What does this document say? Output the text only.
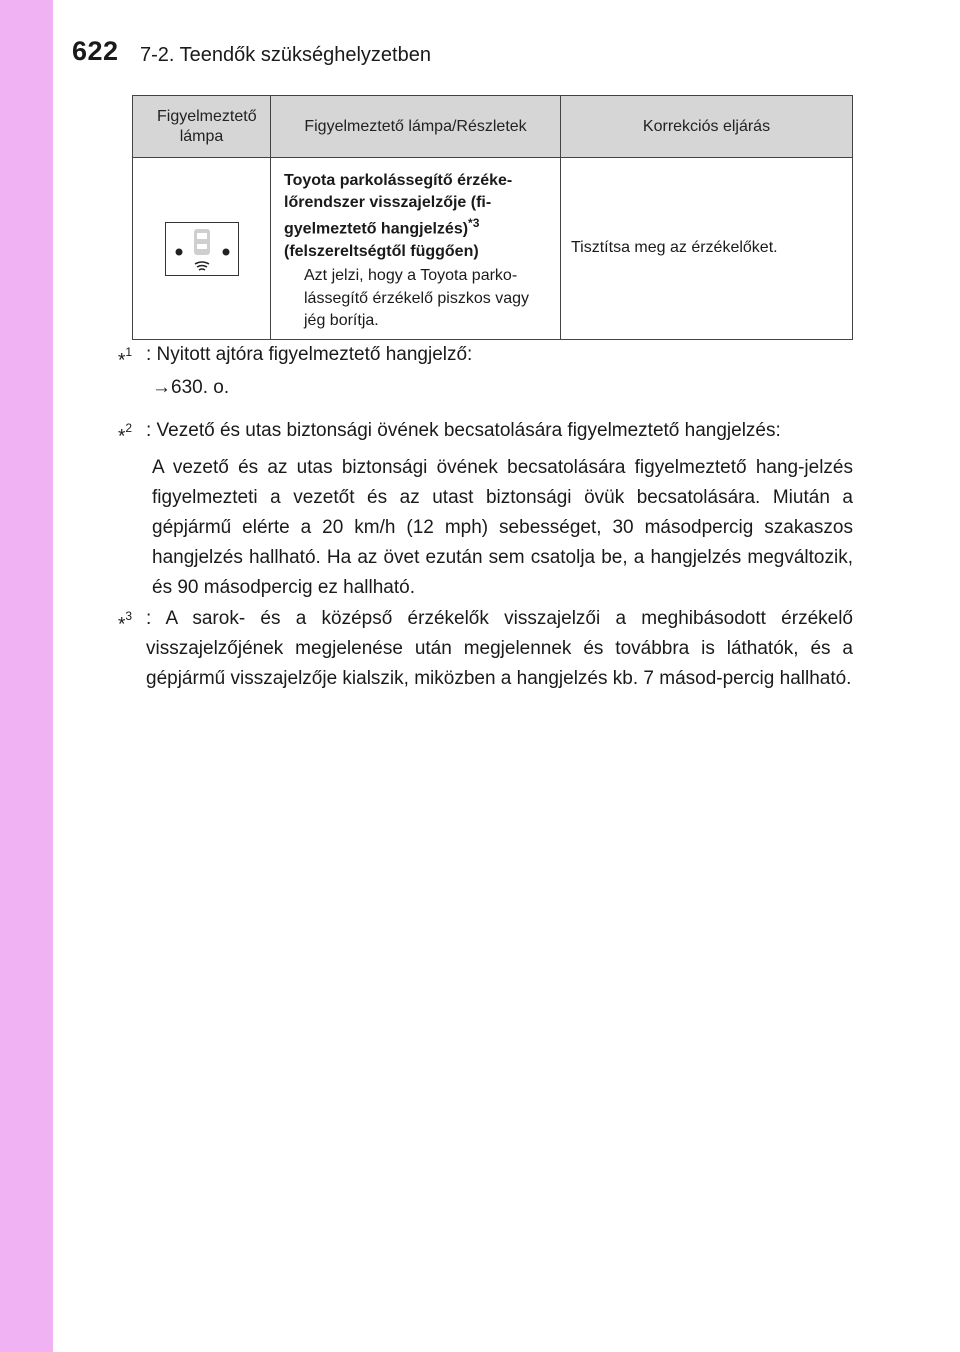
622 7-2. Teendők szükséghelyzetben
Figyelmeztető lámpa	Figyelmeztető lámpa/Részletek	Korrekciós eljárás

Toyota parkolássegítő érzéke-lőrendszer visszajelzője (fi-gyelmeztető hangjelzés)$^{*3}$
(felszereltségtől függően)

Azt jelzi, hogy a Toyota parko-lássegítő érzékelő piszkos vagy jég borítja.	Tisztítsa meg az érzékelőket.
*$^1$ : Nyitott ajtóra figyelmeztető hangjelző:
→630. o.
*$^2$ : Vezető és utas biztonsági övének becsatolására figyelmeztető hangjelzés:
A vezető és az utas biztonsági övének becsatolására figyelmeztető hang-jelzés figyelmezteti a vezetőt és az utast biztonsági övük becsatolására. Miután a gépjármű elérte a 20 km/h (12 mph) sebességet, 30 másodpercig szakaszos hangjelzés hallható. Ha az övet ezután sem csatolja be, a hangjelzés megváltozik, és 90 másodpercig ez hallható.
*$^3$ : A sarok- és a középső érzékelők visszajelzői a meghibásodott érzékelő visszajelzőjének megjelenése után megjelennek és továbbra is láthatók, és a gépjármű visszajelzője kialszik, miközben a hangjelzés kb. 7 másod-percig hallható.
